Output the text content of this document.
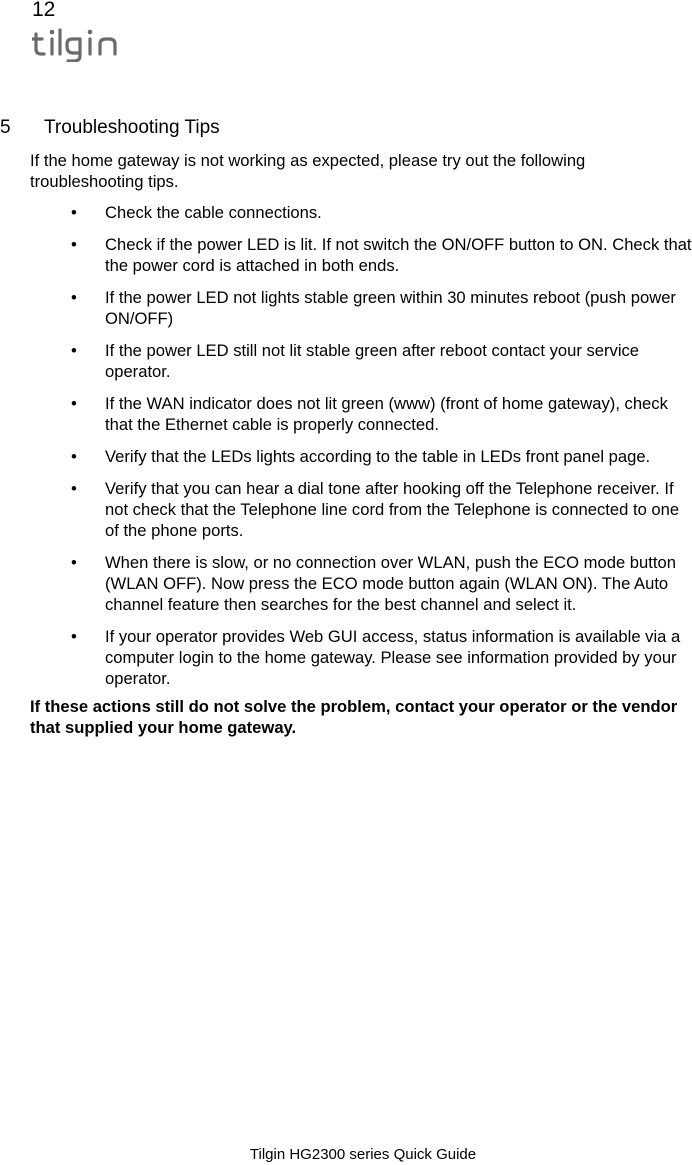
12
5 Troubleshooting Tips

If the home gateway is not working as expected, please try out the following troubleshooting tips.

• Check the cable connections.
• Check if the power LED is lit. If not switch the ON/OFF button to ON. Check that the power cord is attached in both ends.
• If the power LED not lights stable green within 30 minutes reboot (push power ON/OFF)
• If the power LED still not lit stable green after reboot contact your service operator.
• If the WAN indicator does not lit green (www) (front of home gateway), check that the Ethernet cable is properly connected.
• Verify that the LEDs lights according to the table in LEDs front panel page.
• Verify that you can hear a dial tone after hooking off the Telephone receiver. If not check that the Telephone line cord from the Telephone is connected to one of the phone ports.
• When there is slow, or no connection over WLAN, push the ECO mode button (WLAN OFF). Now press the ECO mode button again (WLAN ON). The Auto channel feature then searches for the best channel and select it.
• If your operator provides Web GUI access, status information is available via a computer login to the home gateway. Please see information provided by your operator.

If these actions still do not solve the problem, contact your operator or the vendor that supplied your home gateway.

Tilgin HG2300 series Quick Guide
